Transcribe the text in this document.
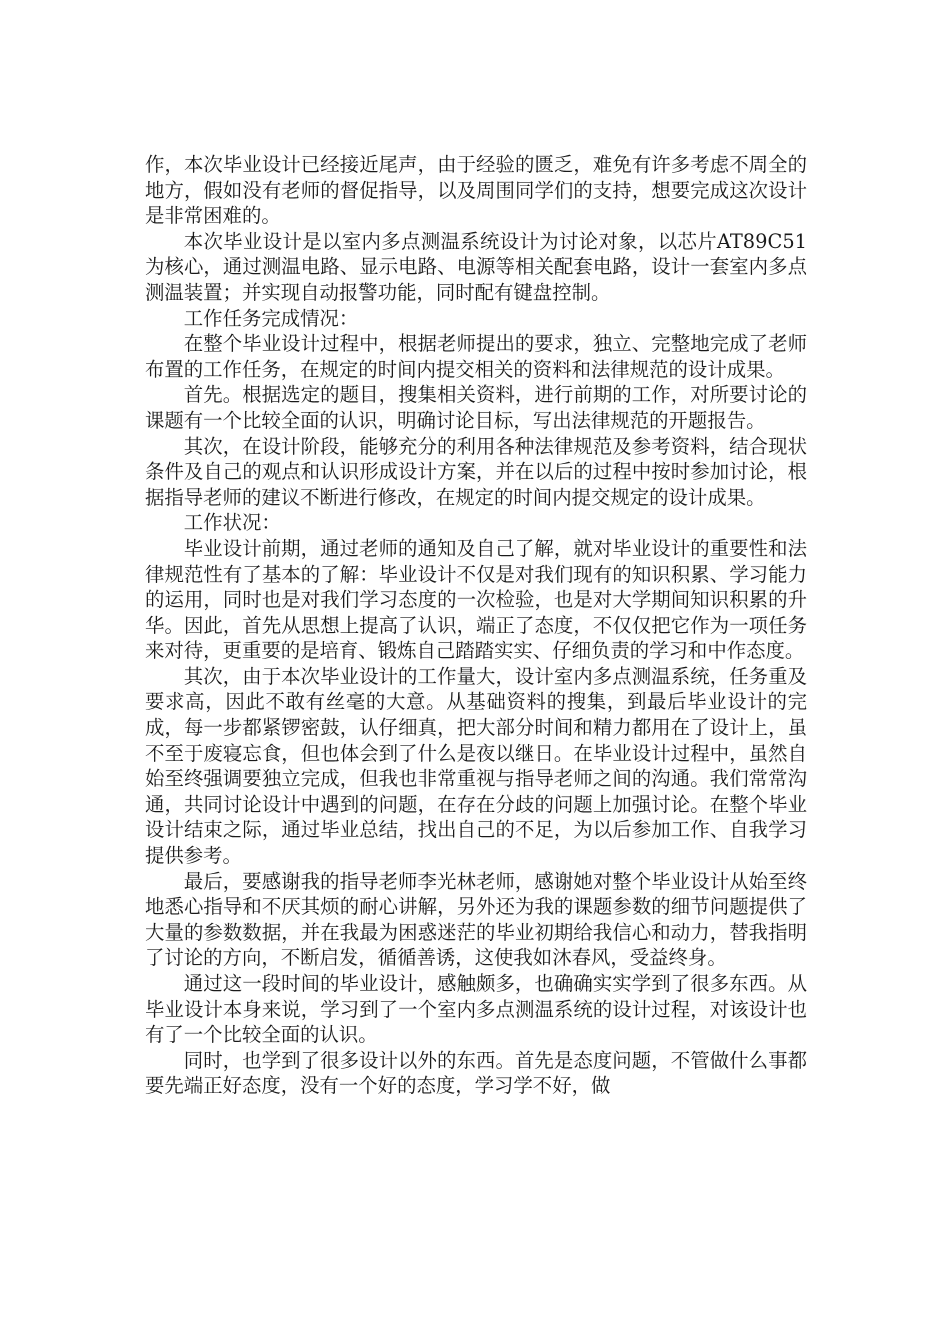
作，本次毕业设计已经接近尾声，由于经验的匮乏，难免有许多考虑不周全的地方，假如没有老师的督促指导，以及周围同学们的支持，想要完成这次设计是非常困难的。

本次毕业设计是以室内多点测温系统设计为讨论对象，以芯片AT89C51为核心，通过测温电路、显示电路、电源等相关配套电路，设计一套室内多点测温装置；并实现自动报警功能，同时配有键盘控制。

工作任务完成情况：

在整个毕业设计过程中，根据老师提出的要求，独立、完整地完成了老师布置的工作任务，在规定的时间内提交相关的资料和法律规范的设计成果。

首先。根据选定的题目，搜集相关资料，进行前期的工作，对所要讨论的课题有一个比较全面的认识，明确讨论目标，写出法律规范的开题报告。

其次，在设计阶段，能够充分的利用各种法律规范及参考资料，结合现状条件及自己的观点和认识形成设计方案，并在以后的过程中按时参加讨论，根据指导老师的建议不断进行修改，在规定的时间内提交规定的设计成果。

工作状况：

毕业设计前期，通过老师的通知及自己了解，就对毕业设计的重要性和法律规范性有了基本的了解：毕业设计不仅是对我们现有的知识积累、学习能力的运用，同时也是对我们学习态度的一次检验，也是对大学期间知识积累的升华。因此，首先从思想上提高了认识，端正了态度，不仅仅把它作为一项任务来对待，更重要的是培育、锻炼自己踏踏实实、仔细负责的学习和中作态度。

其次，由于本次毕业设计的工作量大，设计室内多点测温系统，任务重及要求高，因此不敢有丝毫的大意。从基础资料的搜集，到最后毕业设计的完成，每一步都紧锣密鼓，认仔细真，把大部分时间和精力都用在了设计上，虽不至于废寝忘食，但也体会到了什么是夜以继日。在毕业设计过程中，虽然自始至终强调要独立完成，但我也非常重视与指导老师之间的沟通。我们常常沟通，共同讨论设计中遇到的问题，在存在分歧的问题上加强讨论。在整个毕业设计结束之际，通过毕业总结，找出自己的不足，为以后参加工作、自我学习提供参考。

最后，要感谢我的指导老师李光林老师，感谢她对整个毕业设计从始至终地悉心指导和不厌其烦的耐心讲解，另外还为我的课题参数的细节问题提供了大量的参数数据，并在我最为困惑迷茫的毕业初期给我信心和动力，替我指明了讨论的方向，不断启发，循循善诱，这使我如沐春风，受益终身。

通过这一段时间的毕业设计，感触颇多，也确确实实学到了很多东西。从毕业设计本身来说，学习到了一个室内多点测温系统的设计过程，对该设计也有了一个比较全面的认识。

同时，也学到了很多设计以外的东西。首先是态度问题，不管做什么事都要先端正好态度，没有一个好的态度，学习学不好，做
